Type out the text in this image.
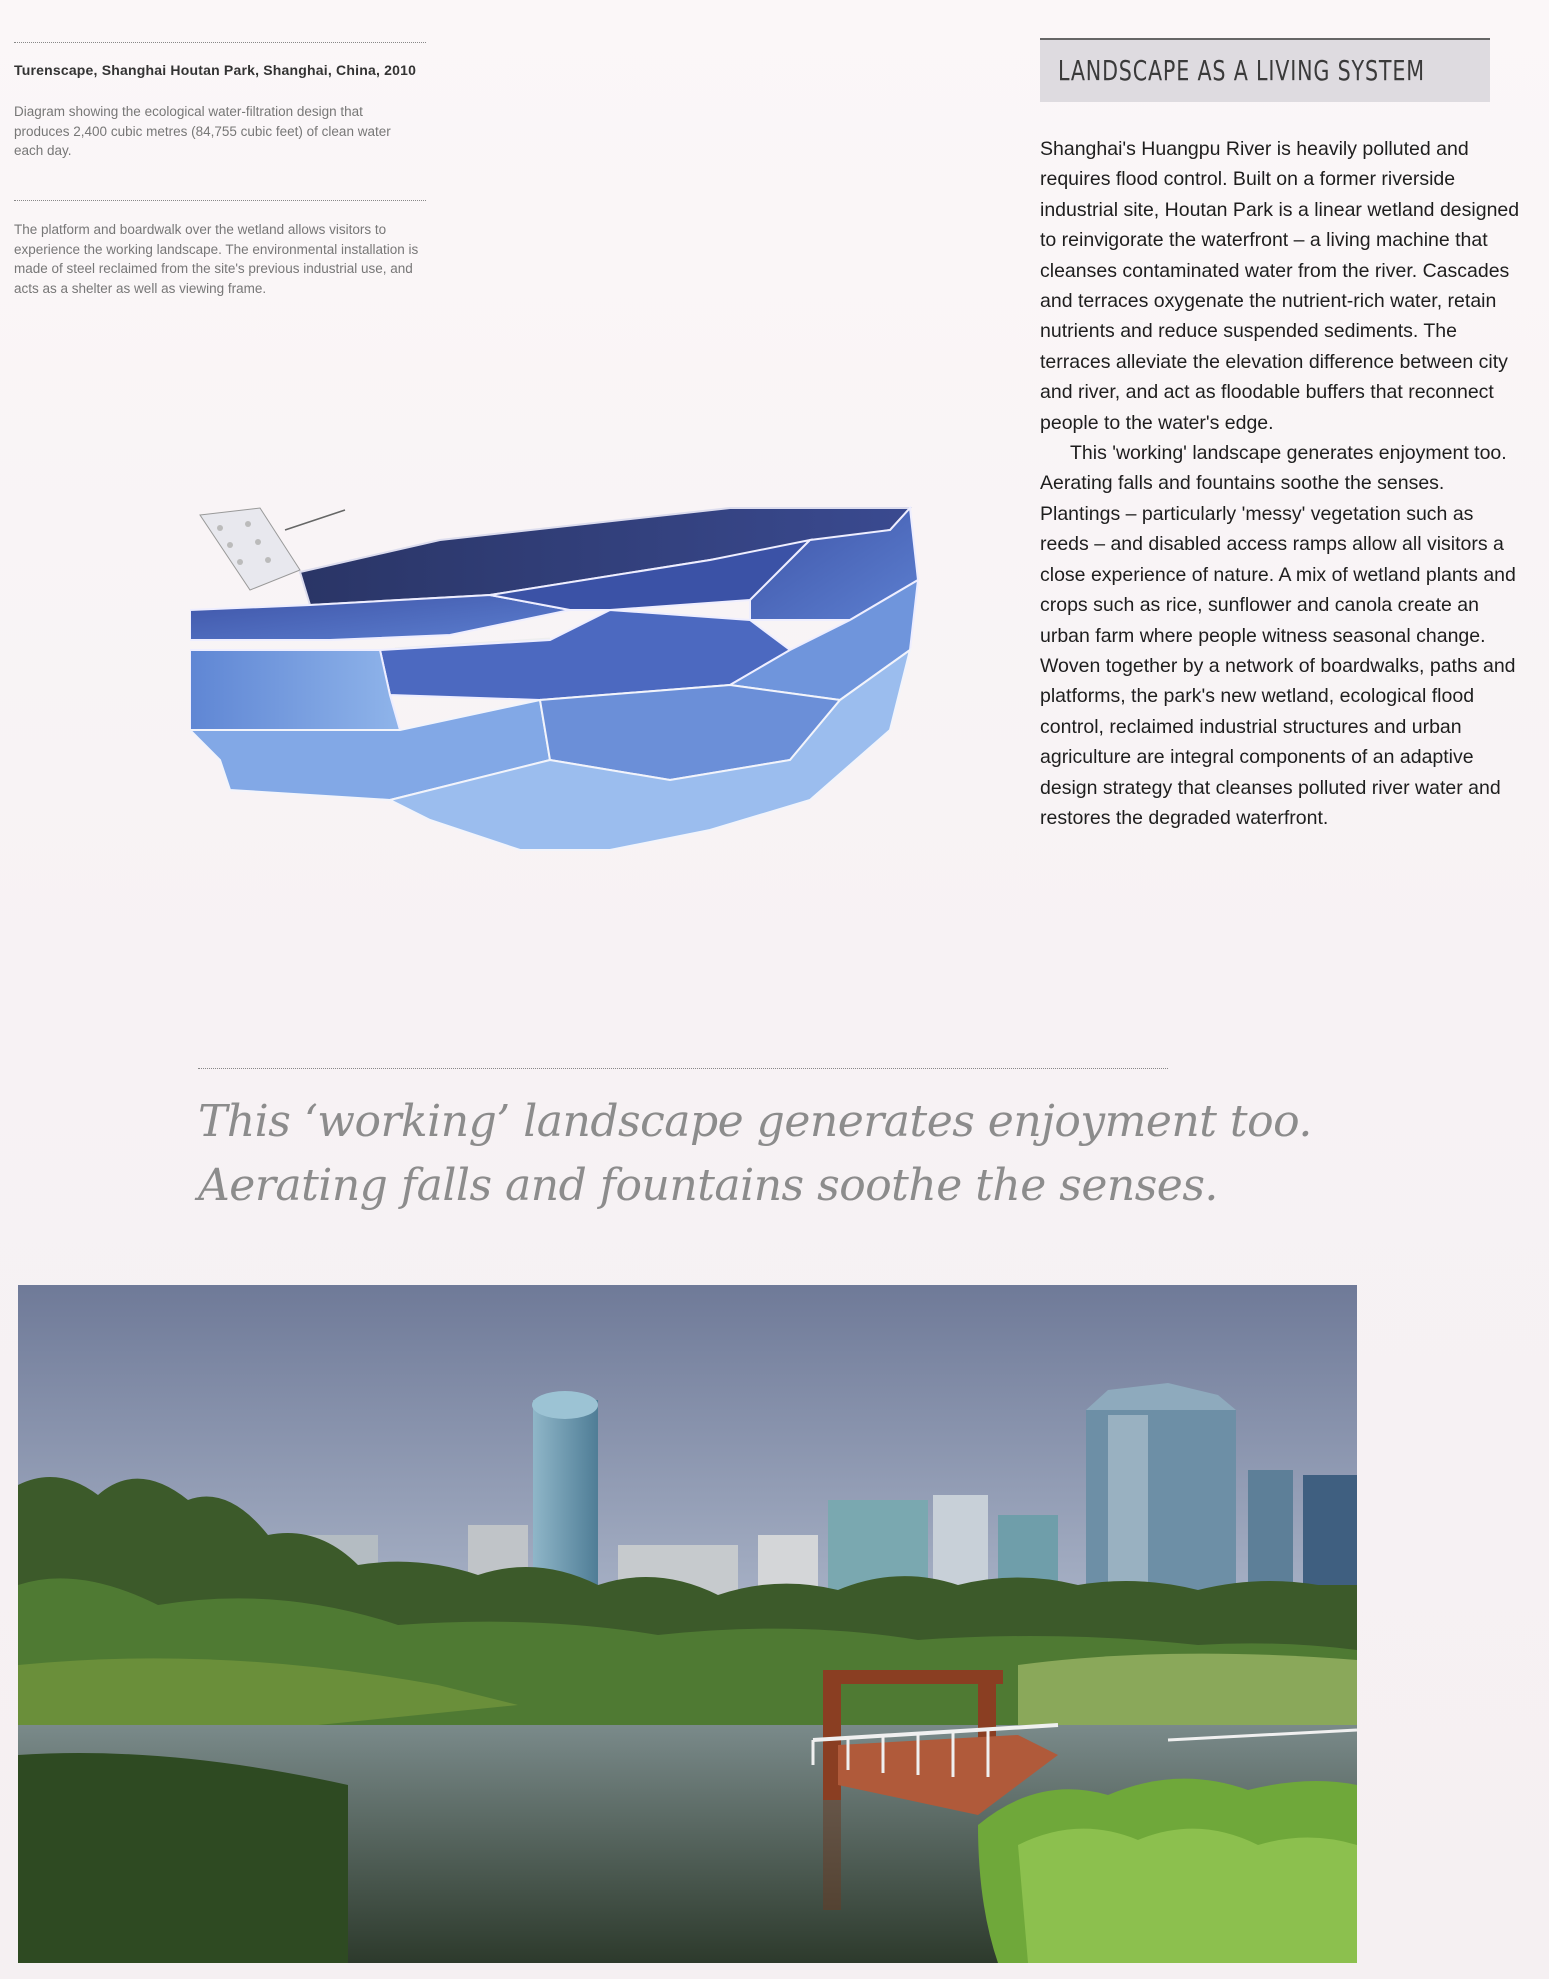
Turenscape, Shanghai Houtan Park, Shanghai, China, 2010
Diagram showing the ecological water-filtration design that produces 2,400 cubic metres (84,755 cubic feet) of clean water each day.
The platform and boardwalk over the wetland allows visitors to experience the working landscape. The environmental installation is made of steel reclaimed from the site's previous industrial use, and acts as a shelter as well as viewing frame.
LANDSCAPE AS A LIVING SYSTEM

Shanghai's Huangpu River is heavily polluted and requires flood control. Built on a former riverside industrial site, Houtan Park is a linear wetland designed to reinvigorate the waterfront – a living machine that cleanses contaminated water from the river. Cascades and terraces oxygenate the nutrient-rich water, retain nutrients and reduce suspended sediments. The terraces alleviate the elevation difference between city and river, and act as floodable buffers that reconnect people to the water's edge.

This 'working' landscape generates enjoyment too. Aerating falls and fountains soothe the senses. Plantings – particularly 'messy' vegetation such as reeds – and disabled access ramps allow all visitors a close experience of nature. A mix of wetland plants and crops such as rice, sunflower and canola create an urban farm where people witness seasonal change. Woven together by a network of boardwalks, paths and platforms, the park's new wetland, ecological flood control, reclaimed industrial structures and urban agriculture are integral components of an adaptive design strategy that cleanses polluted river water and restores the degraded waterfront.

This ‘working’ landscape generates enjoyment too.

Aerating falls and fountains soothe the senses.
